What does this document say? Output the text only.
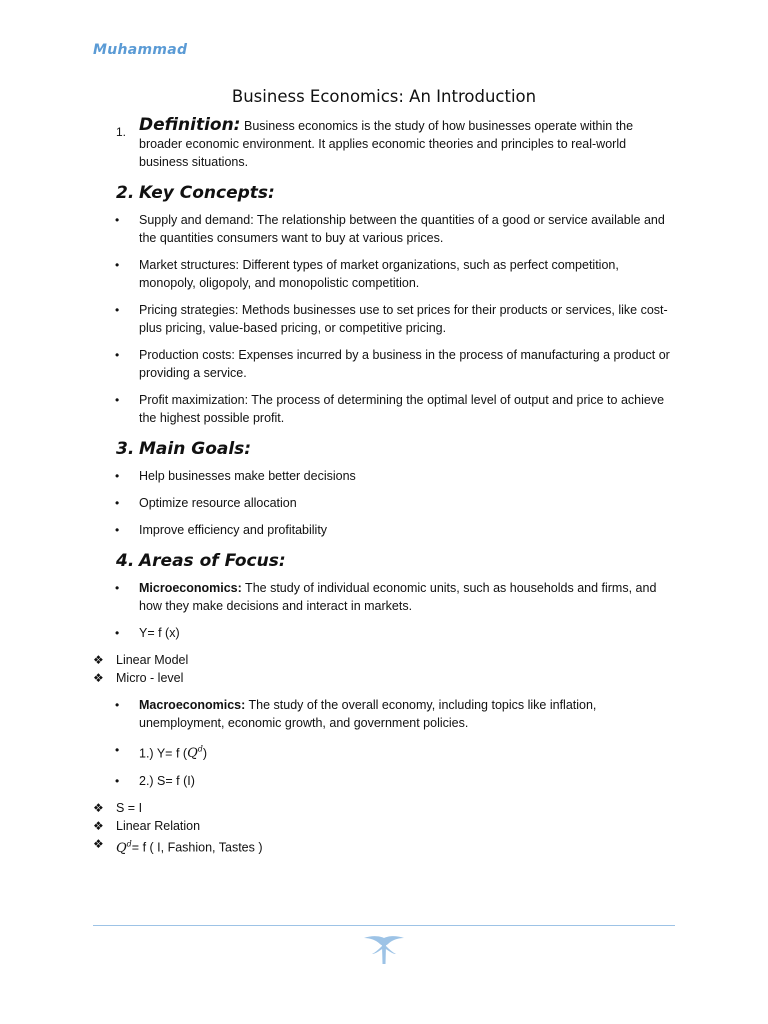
Muhammad
Business Economics: An Introduction
1. Definition: Business economics is the study of how businesses operate within the broader economic environment. It applies economic theories and principles to real-world business situations.
2. Key Concepts:
• Supply and demand: The relationship between the quantities of a good or service available and the quantities consumers want to buy at various prices.
• Market structures: Different types of market organizations, such as perfect competition, monopoly, oligopoly, and monopolistic competition.
• Pricing strategies: Methods businesses use to set prices for their products or services, like cost-plus pricing, value-based pricing, or competitive pricing.
• Production costs: Expenses incurred by a business in the process of manufacturing a product or providing a service.
• Profit maximization: The process of determining the optimal level of output and price to achieve the highest possible profit.
3. Main Goals:
• Help businesses make better decisions
• Optimize resource allocation
• Improve efficiency and profitability
4. Areas of Focus:
• Microeconomics: The study of individual economic units, such as households and firms, and how they make decisions and interact in markets.
• Y= f (x)
❖ Linear Model
❖ Micro - level
• Macroeconomics: The study of the overall economy, including topics like inflation, unemployment, economic growth, and government policies.
• 1.) Y= f $(Q^d)$
• 2.) S= f (I)
❖ S = I
❖ Linear Relation
❖ $Q^d= f$ ( I, Fashion, Tastes )
